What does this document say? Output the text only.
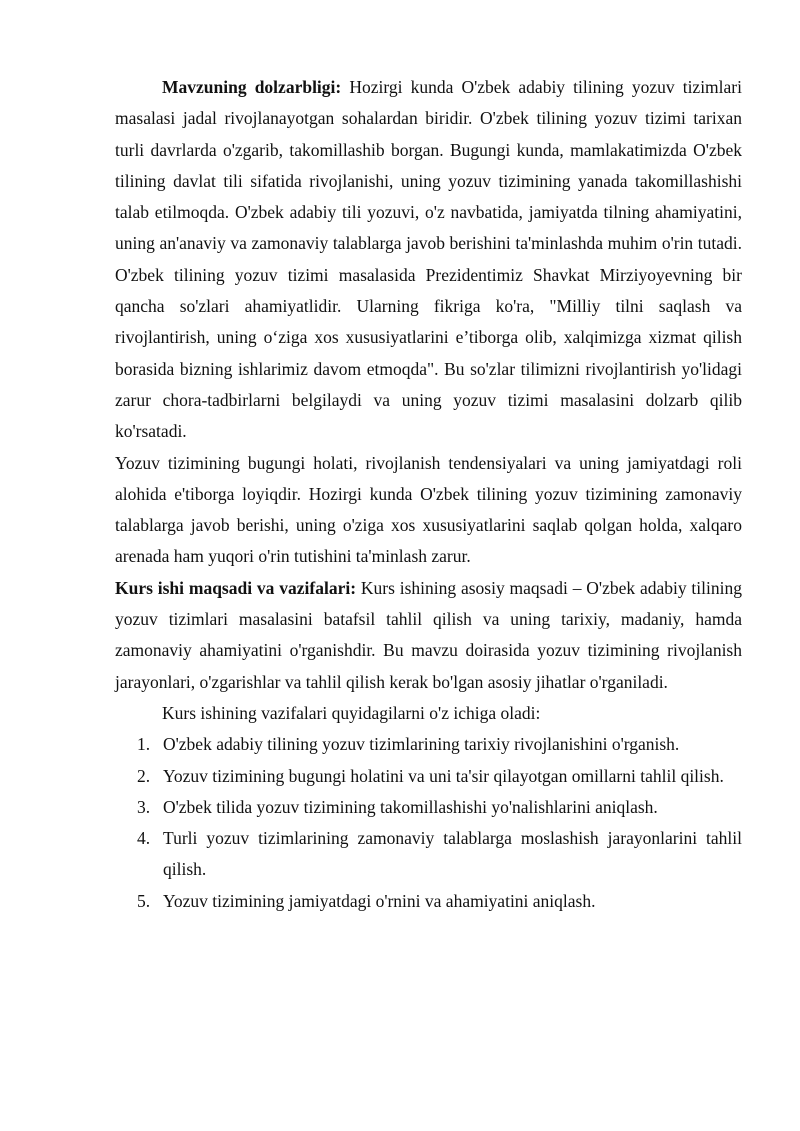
Mavzuning dolzarbligi: Hozirgi kunda O'zbek adabiy tilining yozuv tizimlari masalasi jadal rivojlanayotgan sohalardan biridir. O'zbek tilining yozuv tizimi tarixan turli davrlarda o'zgarib, takomillashib borgan. Bugungi kunda, mamlakatimizda O'zbek tilining davlat tili sifatida rivojlanishi, uning yozuv tizimining yanada takomillashishi talab etilmoqda. O'zbek adabiy tili yozuvi, o'z navbatida, jamiyatda tilning ahamiyatini, uning an'anaviy va zamonaviy talablarga javob berishini ta'minlashda muhim o'rin tutadi. O'zbek tilining yozuv tizimi masalasida Prezidentimiz Shavkat Mirziyoyevning bir qancha so'zlari ahamiyatlidir. Ularning fikriga ko'ra, "Milliy tilni saqlash va rivojlantirish, uning o‘ziga xos xususiyatlarini e’tiborga olib, xalqimizga xizmat qilish borasida bizning ishlarimiz davom etmoqda". Bu so'zlar tilimizni rivojlantirish yo'lidagi zarur chora-tadbirlarni belgilaydi va uning yozuv tizimi masalasini dolzarb qilib ko'rsatadi.

Yozuv tizimining bugungi holati, rivojlanish tendensiyalari va uning jamiyatdagi roli alohida e'tiborga loyiqdir. Hozirgi kunda O'zbek tilining yozuv tizimining zamonaviy talablarga javob berishi, uning o'ziga xos xususiyatlarini saqlab qolgan holda, xalqaro arenada ham yuqori o'rin tutishini ta'minlash zarur.

Kurs ishi maqsadi va vazifalari: Kurs ishining asosiy maqsadi – O'zbek adabiy tilining yozuv tizimlari masalasini batafsil tahlil qilish va uning tarixiy, madaniy, hamda zamonaviy ahamiyatini o'rganishdir. Bu mavzu doirasida yozuv tizimining rivojlanish jarayonlari, o'zgarishlar va tahlil qilish kerak bo'lgan asosiy jihatlar o'rganiladi.

Kurs ishining vazifalari quyidagilarni o'z ichiga oladi:

1. O'zbek adabiy tilining yozuv tizimlarining tarixiy rivojlanishini o'rganish.
2. Yozuv tizimining bugungi holatini va uni ta'sir qilayotgan omillarni tahlil qilish.
3. O'zbek tilida yozuv tizimining takomillashishi yo'nalishlarini aniqlash.
4. Turli yozuv tizimlarining zamonaviy talablarga moslashish jarayonlarini tahlil qilish.
5. Yozuv tizimining jamiyatdagi o'rnini va ahamiyatini aniqlash.
